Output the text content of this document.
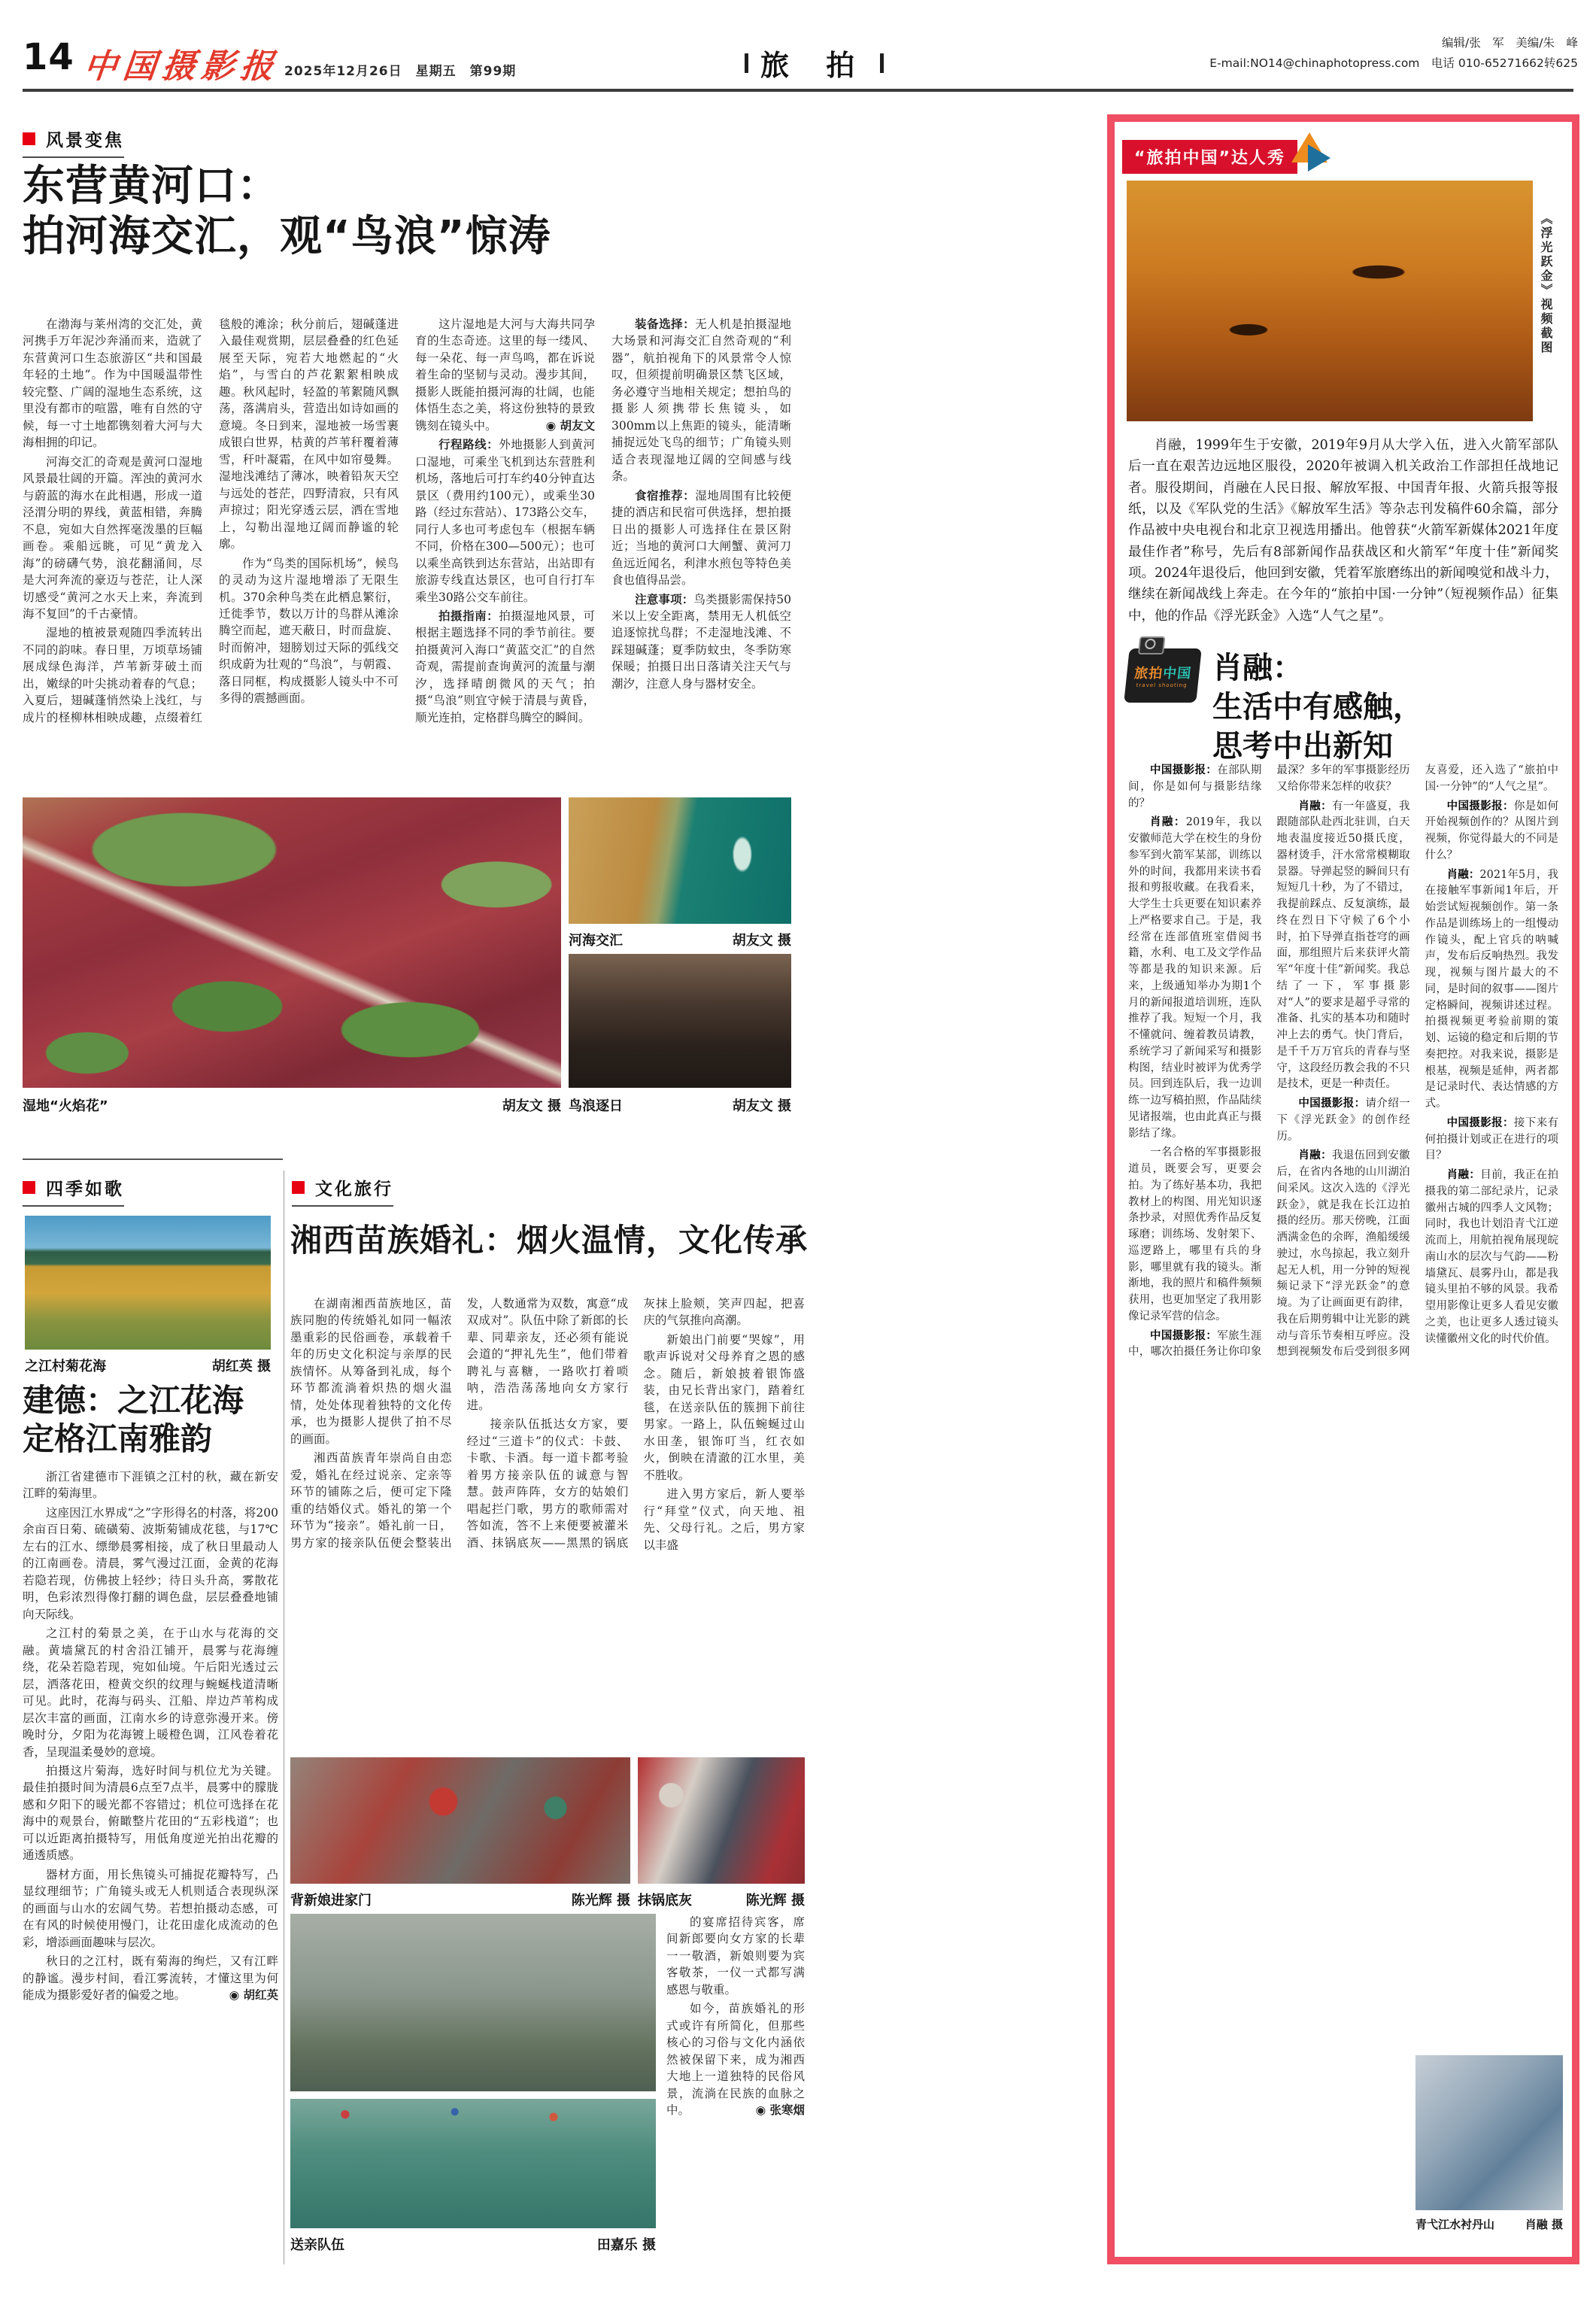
14 中国摄影报 2025年12月26日　星期五　第99期	旅 拍
编辑/张　军　美编/朱　峰
E-mail:NO14@chinaphotopress.com　电话 010-65271662转625
风景变焦
东营黄河口：
拍河海交汇，观“鸟浪”惊涛

在渤海与莱州湾的交汇处，黄河携手万年泥沙奔涌而来，造就了东营黄河口生态旅游区“共和国最年轻的土地”。作为中国暖温带性较完整、广阔的湿地生态系统，这里没有都市的喧嚣，唯有自然的守候，每一寸土地都镌刻着大河与大海相拥的印记。

河海交汇的奇观是黄河口湿地风景最壮阔的开篇。浑浊的黄河水与蔚蓝的海水在此相遇，形成一道泾渭分明的界线，黄蓝相错，奔腾不息，宛如大自然挥毫泼墨的巨幅画卷。乘船远眺，可见“黄龙入海”的磅礴气势，浪花翻涌间，尽是大河奔流的豪迈与苍茫，让人深切感受“黄河之水天上来，奔流到海不复回”的千古豪情。

湿地的植被景观随四季流转出不同的韵味。春日里，万顷草场铺展成绿色海洋，芦苇新芽破土而出，嫩绿的叶尖挑动着春的气息；入夏后，翅碱蓬悄然染上浅红，与成片的柽柳林相映成趣，点缀着红毯般的滩涂；秋分前后，翅碱蓬进入最佳观赏期，层层叠叠的红色延展至天际，宛若大地燃起的“火焰”，与雪白的芦花絮絮相映成趣。秋风起时，轻盈的苇絮随风飘荡，落满肩头，营造出如诗如画的意境。冬日到来，湿地被一场雪裹成银白世界，枯黄的芦苇秆覆着薄雪，秆叶凝霜，在风中如帘曼舞。湿地浅滩结了薄冰，映着铅灰天空与远处的苍茫，四野清寂，只有风声掠过；阳光穿透云层，洒在雪地上，勾勒出湿地辽阔而静谧的轮廓。

作为“鸟类的国际机场”，候鸟的灵动为这片湿地增添了无限生机。370余种鸟类在此栖息繁衍，迁徙季节，数以万计的鸟群从滩涂腾空而起，遮天蔽日，时而盘旋、时而俯冲，翅膀划过天际的弧线交织成蔚为壮观的“鸟浪”，与朝霞、落日同框，构成摄影人镜头中不可多得的震撼画面。

这片湿地是大河与大海共同孕育的生态奇迹。这里的每一缕风、每一朵花、每一声鸟鸣，都在诉说着生命的坚韧与灵动。漫步其间，摄影人既能拍摄河海的壮阔，也能体悟生态之美，将这份独特的景致镌刻在镜头中。	◉ 胡友文

行程路线：外地摄影人到黄河口湿地，可乘坐飞机到达东营胜利机场，落地后可打车约40分钟直达景区（费用约100元），或乘坐30路（经过东营站）、173路公交车，同行人多也可考虑包车（根据车辆不同，价格在300—500元）；也可以乘坐高铁到达东营站，出站即有旅游专线直达景区，也可自行打车乘坐30路公交车前往。

拍摄指南：拍摄湿地风景，可根据主题选择不同的季节前往。要拍摄黄河入海口“黄蓝交汇”的自然奇观，需提前查询黄河的流量与潮汐，选择晴朗微风的天气；拍摄“鸟浪”则宜守候于清晨与黄昏，顺光连拍，定格群鸟腾空的瞬间。

装备选择：无人机是拍摄湿地大场景和河海交汇自然奇观的“利器”，航拍视角下的风景常令人惊叹，但须提前明确景区禁飞区域，务必遵守当地相关规定；想拍鸟的摄影人须携带长焦镜头，如300mm以上焦距的镜头，能清晰捕捉远处飞鸟的细节；广角镜头则适合表现湿地辽阔的空间感与线条。

食宿推荐：湿地周围有比较便捷的酒店和民宿可供选择，想拍摄日出的摄影人可选择住在景区附近；当地的黄河口大闸蟹、黄河刀鱼远近闻名，利津水煎包等特色美食也值得品尝。

注意事项：鸟类摄影需保持50米以上安全距离，禁用无人机低空追逐惊扰鸟群；不走湿地浅滩、不踩翅碱蓬；夏季防蚊虫，冬季防寒保暖；拍摄日出日落请关注天气与潮汐，注意人身与器材安全。

湿地“火焰花”	胡友文 摄
河海交汇	胡友文 摄
鸟浪逐日	胡友文 摄
四季如歌
之江村菊花海	胡红英 摄
建德：之江花海
定格江南雅韵

浙江省建德市下涯镇之江村的秋，藏在新安江畔的菊海里。

这座因江水界成“之”字形得名的村落，将200余亩百日菊、硫磺菊、波斯菊铺成花毯，与17℃左右的江水、缥缈晨雾相接，成了秋日里最动人的江南画卷。清晨，雾气漫过江面，金黄的花海若隐若现，仿佛披上轻纱；待日头升高，雾散花明，色彩浓烈得像打翻的调色盘，层层叠叠地铺向天际线。

之江村的菊景之美，在于山水与花海的交融。黄墙黛瓦的村舍沿江铺开，晨雾与花海缠绕，花朵若隐若现，宛如仙境。午后阳光透过云层，洒落花田，橙黄交织的纹理与蜿蜒栈道清晰可见。此时，花海与码头、江船、岸边芦苇构成层次丰富的画面，江南水乡的诗意弥漫开来。傍晚时分，夕阳为花海镀上暖橙色调，江风卷着花香，呈现温柔曼妙的意境。

拍摄这片菊海，选好时间与机位尤为关键。最佳拍摄时间为清晨6点至7点半，晨雾中的朦胧感和夕阳下的暖光都不容错过；机位可选择在花海中的观景台，俯瞰整片花田的“五彩栈道”；也可以近距离拍摄特写，用低角度逆光拍出花瓣的通透质感。

器材方面，用长焦镜头可捕捉花瓣特写，凸显纹理细节；广角镜头或无人机则适合表现纵深的画面与山水的宏阔气势。若想拍摄动态感，可在有风的时候使用慢门，让花田虚化成流动的色彩，增添画面趣味与层次。

秋日的之江村，既有菊海的绚烂，又有江畔的静谧。漫步村间，看江雾流转，才懂这里为何能成为摄影爱好者的偏爱之地。	◉ 胡红英

文化旅行
湘西苗族婚礼：烟火温情，文化传承

在湖南湘西苗族地区，苗族同胞的传统婚礼如同一幅浓墨重彩的民俗画卷，承载着千年的历史文化积淀与亲厚的民族情怀。从筹备到礼成，每个环节都流淌着炽热的烟火温情，处处体现着独特的文化传承，也为摄影人提供了拍不尽的画面。

湘西苗族青年崇尚自由恋爱，婚礼在经过说亲、定亲等环节的铺陈之后，便可定下隆重的结婚仪式。婚礼的第一个环节为“接亲”。婚礼前一日，男方家的接亲队伍便会整装出发，人数通常为双数，寓意“成双成对”。队伍中除了新郎的长辈、同辈亲友，还必须有能说会道的“押礼先生”，他们带着聘礼与喜糖，一路吹打着唢呐，浩浩荡荡地向女方家行进。

接亲队伍抵达女方家，要经过“三道卡”的仪式：卡鼓、卡歌、卡酒。每一道卡都考验着男方接亲队伍的诚意与智慧。鼓声阵阵，女方的姑娘们唱起拦门歌，男方的歌师需对答如流，答不上来便要被灌米酒、抹锅底灰——黑黑的锅底灰抹上脸颊，笑声四起，把喜庆的气氛推向高潮。

新娘出门前要“哭嫁”，用歌声诉说对父母养育之恩的感念。随后，新娘披着银饰盛装，由兄长背出家门，踏着红毯，在送亲队伍的簇拥下前往男家。一路上，队伍蜿蜒过山水田垄，银饰叮当，红衣如火，倒映在清澈的江水里，美不胜收。

进入男方家后，新人要举行“拜堂”仪式，向天地、祖先、父母行礼。之后，男方家以丰盛

背新娘进家门	陈光辉 摄 抹锅底灰	陈光辉 摄
送亲队伍	田嘉乐 摄

的宴席招待宾客，席间新郎要向女方家的长辈一一敬酒，新娘则要为宾客敬茶，一仪一式都写满感恩与敬重。

如今，苗族婚礼的形式或许有所简化，但那些核心的习俗与文化内涵依然被保留下来，成为湘西大地上一道独特的民俗风景，流淌在民族的血脉之中。	◉ 张寒烟

“旅拍中国”达人秀
《浮光跃金》视频截图
肖融，1999年生于安徽，2019年9月从大学入伍，进入火箭军部队后一直在艰苦边远地区服役，2020年被调入机关政治工作部担任战地记者。服役期间，肖融在人民日报、解放军报、中国青年报、火箭兵报等报纸，以及《军队党的生活》《解放军生活》等杂志刊发稿件60余篇，部分作品被中央电视台和北京卫视选用播出。他曾获“火箭军新媒体2021年度最佳作者”称号，先后有8部新闻作品获战区和火箭军“年度十佳”新闻奖项。2024年退役后，他回到安徽，凭着军旅磨练出的新闻嗅觉和战斗力，继续在新闻战线上奔走。在今年的“旅拍中国·一分钟”（短视频作品）征集中，他的作品《浮光跃金》入选“人气之星”。
旅拍中国
travel shooting 肖融：
生活中有感触，
思考中出新知

中国摄影报：在部队期间，你是如何与摄影结缘的？

肖融：2019年，我以安徽师范大学在校生的身份参军到火箭军某部，训练以外的时间，我都用来读书看报和剪报收藏。在我看来，大学生士兵更要在知识素养上严格要求自己。于是，我经常在连部值班室借阅书籍，水利、电工及文学作品等都是我的知识来源。后来，上级通知举办为期1个月的新闻报道培训班，连队推荐了我。短短一个月，我不懂就问、缠着教员请教，系统学习了新闻采写和摄影构图，结业时被评为优秀学员。回到连队后，我一边训练一边写稿拍照，作品陆续见诸报端，也由此真正与摄影结了缘。

一名合格的军事摄影报道员，既要会写，更要会拍。为了练好基本功，我把教材上的构图、用光知识逐条抄录，对照优秀作品反复琢磨；训练场、发射架下、巡逻路上，哪里有兵的身影，哪里就有我的镜头。渐渐地，我的照片和稿件频频获用，也更加坚定了我用影像记录军营的信念。

中国摄影报：军旅生涯中，哪次拍摄任务让你印象最深？多年的军事摄影经历又给你带来怎样的收获？

肖融：有一年盛夏，我跟随部队赴西北驻训，白天地表温度接近50摄氏度，器材烫手，汗水常常模糊取景器。导弹起竖的瞬间只有短短几十秒，为了不错过，我提前踩点、反复演练，最终在烈日下守候了6个小时，拍下导弹直指苍穹的画面，那组照片后来获评火箭军“年度十佳”新闻奖。我总结了一下，军事摄影对“人”的要求是超乎寻常的准备、扎实的基本功和随时冲上去的勇气。快门背后，是千千万万官兵的青春与坚守，这段经历教会我的不只是技术，更是一种责任。

中国摄影报：请介绍一下《浮光跃金》的创作经历。

肖融：我退伍回到安徽后，在省内各地的山川湖泊间采风。这次入选的《浮光跃金》，就是我在长江边拍摄的经历。那天傍晚，江面洒满金色的余晖，渔船缓缓驶过，水鸟掠起，我立刻升起无人机，用一分钟的短视频记录下“浮光跃金”的意境。为了让画面更有韵律，我在后期剪辑中让光影的跳动与音乐节奏相互呼应。没想到视频发布后受到很多网友喜爱，还入选了“旅拍中国·一分钟”的“人气之星”。

中国摄影报：你是如何开始视频创作的？从图片到视频，你觉得最大的不同是什么？

肖融：2021年5月，我在接触军事新闻1年后，开始尝试短视频创作。第一条作品是训练场上的一组慢动作镜头，配上官兵的呐喊声，发布后反响热烈。我发现，视频与图片最大的不同，是时间的叙事——图片定格瞬间，视频讲述过程。拍摄视频更考验前期的策划、运镜的稳定和后期的节奏把控。对我来说，摄影是根基，视频是延伸，两者都是记录时代、表达情感的方式。

中国摄影报：接下来有何拍摄计划或正在进行的项目？

肖融：目前，我正在拍摄我的第二部纪录片，记录徽州古城的四季人文风物；同时，我也计划沿青弋江逆流而上，用航拍视角展现皖南山水的层次与气韵——粉墙黛瓦、晨雾丹山，都是我镜头里拍不够的风景。我希望用影像让更多人看见安徽之美，也让更多人透过镜头读懂徽州文化的时代价值。

青弋江水衬丹山	肖融 摄
